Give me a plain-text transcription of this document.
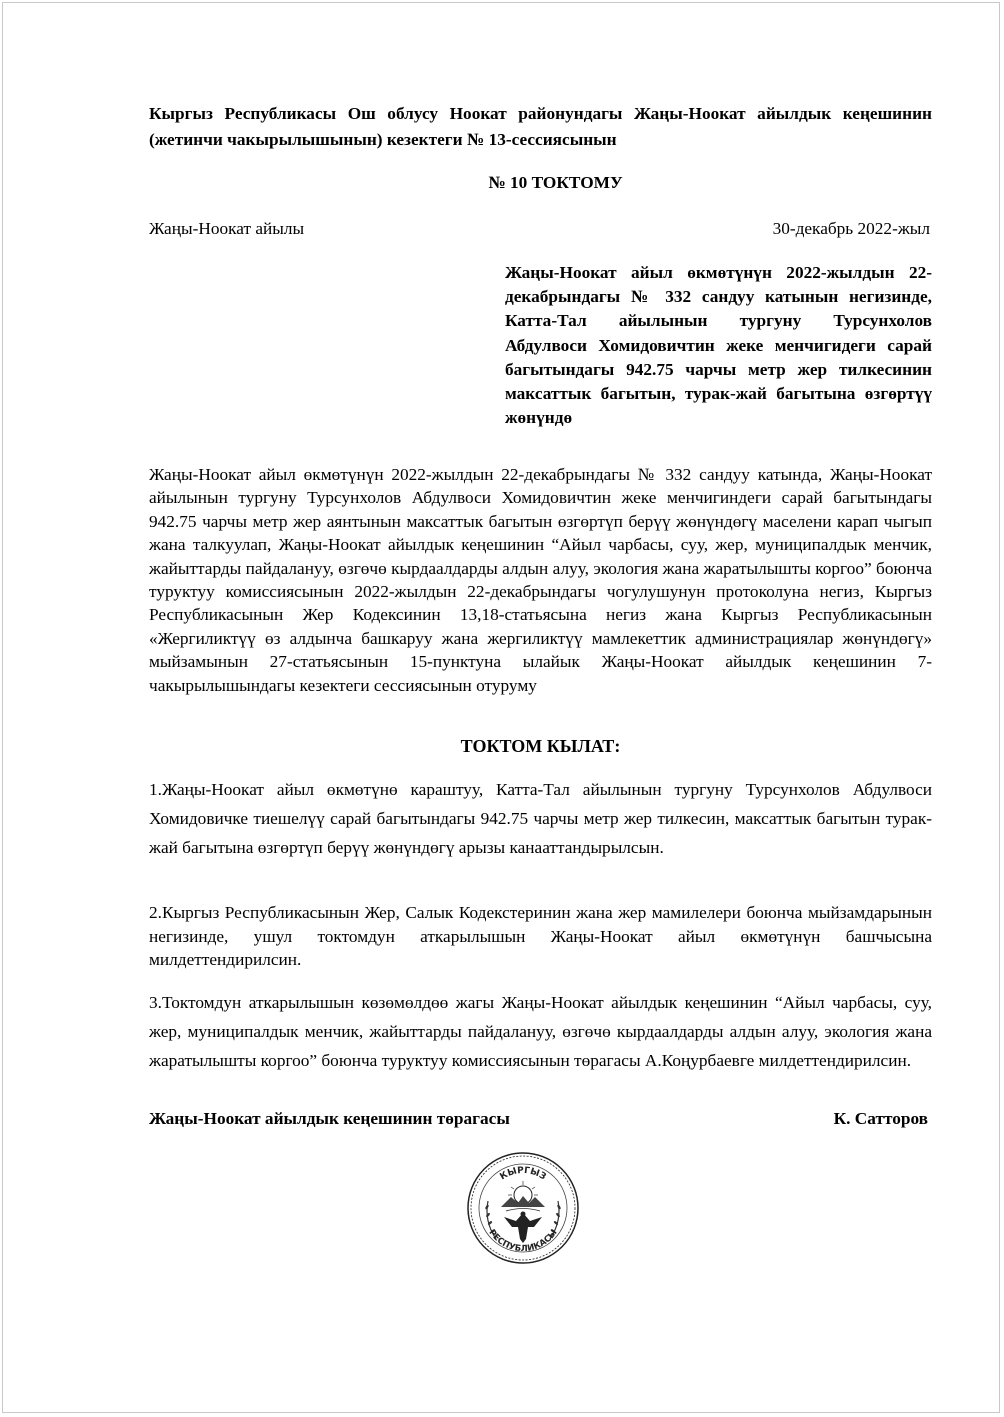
Кыргыз Республикасы Ош облусу Ноокат районундагы Жаңы-Ноокат айылдык кеңешинин (жетинчи чакырылышынын) кезектеги № 13-сессиясынын
№ 10 ТОКТОМУ
Жаңы-Ноокат айылы	30-декабрь 2022-жыл
Жаңы-Ноокат айыл өкмөтүнүн 2022-жылдын 22-декабрындагы № 332 сандуу катынын негизинде, Катта-Тал айылынын тургуну Турсунхолов Абдулвоси Хомидовичтин жеке менчигидеги сарай багытындагы 942.75 чарчы метр жер тилкесинин максаттык багытын, турак-жай багытына өзгөртүү жөнүндө
Жаңы-Ноокат айыл өкмөтүнүн 2022-жылдын 22-декабрындагы № 332 сандуу катында, Жаңы-Ноокат айылынын тургуну Турсунхолов Абдулвоси Хомидовичтин жеке менчигиндеги сарай багытындагы 942.75 чарчы метр жер аянтынын максаттык багытын өзгөртүп берүү жөнүндөгү маселени карап чыгып жана талкуулап, Жаңы-Ноокат айылдык кеңешинин “Айыл чарбасы, суу, жер, муниципалдык менчик, жайыттарды пайдалануу, өзгөчө кырдаалдарды алдын алуу, экология жана жаратылышты коргоо” боюнча туруктуу комиссиясынын 2022-жылдын 22-декабрындагы чогулушунун протоколуна негиз, Кыргыз Республикасынын Жер Кодексинин 13,18-статьясына негиз жана Кыргыз Республикасынын «Жергиликтүү өз алдынча башкаруу жана жергиликтүү мамлекеттик администрациялар жөнүндөгү» мыйзамынын 27-статьясынын 15-пунктуна ылайык Жаңы-Ноокат айылдык кеңешинин 7-чакырылышындагы кезектеги сессиясынын отуруму
ТОКТОМ КЫЛАТ:
1.Жаңы-Ноокат айыл өкмөтүнө караштуу, Катта-Тал айылынын тургуну Турсунхолов Абдулвоси Хомидовичке тиешелүү сарай багытындагы 942.75 чарчы метр жер тилкесин, максаттык багытын турак-жай багытына өзгөртүп берүү жөнүндөгү арызы канааттандырылсын.
2.Кыргыз Республикасынын Жер, Салык Кодекстеринин жана жер мамилелери боюнча мыйзамдарынын негизинде, ушул токтомдун аткарылышын Жаңы-Ноокат айыл өкмөтүнүн башчысына милдеттендирилсин.
3.Токтомдун аткарылышын көзөмөлдөө жагы Жаңы-Ноокат айылдык кеңешинин “Айыл чарбасы, суу, жер, муниципалдык менчик, жайыттарды пайдалануу, өзгөчө кырдаалдарды алдын алуу, экология жана жаратылышты коргоо” боюнча туруктуу комиссиясынын төрагасы А.Коңурбаевге милдеттендирилсин.
Жаңы-Ноокат айылдык кеңешинин төрагасы	К. Сатторов
КЫРГЫЗ
РЕСПУБЛИКАСЫ
